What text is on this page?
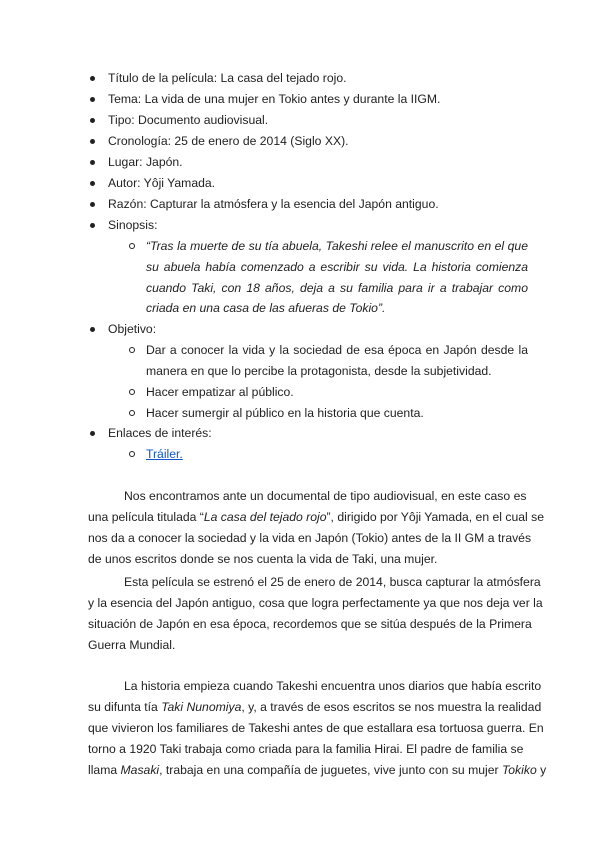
Título de la película: La casa del tejado rojo.
Tema: La vida de una mujer en Tokio antes y durante la IIGM.
Tipo: Documento audiovisual.
Cronología: 25 de enero de 2014 (Siglo XX).
Lugar: Japón.
Autor: Yôji Yamada.
Razón: Capturar la atmósfera y la esencia del Japón antiguo.
Sinopsis:
“Tras la muerte de su tía abuela, Takeshi relee el manuscrito en el que su abuela había comenzado a escribir su vida. La historia comienza cuando Taki, con 18 años, deja a su familia para ir a trabajar como criada en una casa de las afueras de Tokio”.
Objetivo:
Dar a conocer la vida y la sociedad de esa época en Japón desde la manera en que lo percibe la protagonista, desde la subjetividad.
Hacer empatizar al público.
Hacer sumergir al público en la historia que cuenta.
Enlaces de interés:
Tráiler.

Nos encontramos ante un documental de tipo audiovisual, en este caso es
una película titulada “La casa del tejado rojo”, dirigido por Yôji Yamada, en el cual se
nos da a conocer la sociedad y la vida en Japón (Tokio) antes de la II GM a través
de unos escritos donde se nos cuenta la vida de Taki, una mujer.

Esta película se estrenó el 25 de enero de 2014, busca capturar la atmósfera
y la esencia del Japón antiguo, cosa que logra perfectamente ya que nos deja ver la
situación de Japón en esa época, recordemos que se sitúa después de la Primera
Guerra Mundial.

La historia empieza cuando Takeshi encuentra unos diarios que había escrito
su difunta tía Taki Nunomiya, y, a través de esos escritos se nos muestra la realidad
que vivieron los familiares de Takeshi antes de que estallara esa tortuosa guerra. En
torno a 1920 Taki trabaja como criada para la familia Hirai. El padre de familia se
llama Masaki, trabaja en una compañía de juguetes, vive junto con su mujer Tokiko y
